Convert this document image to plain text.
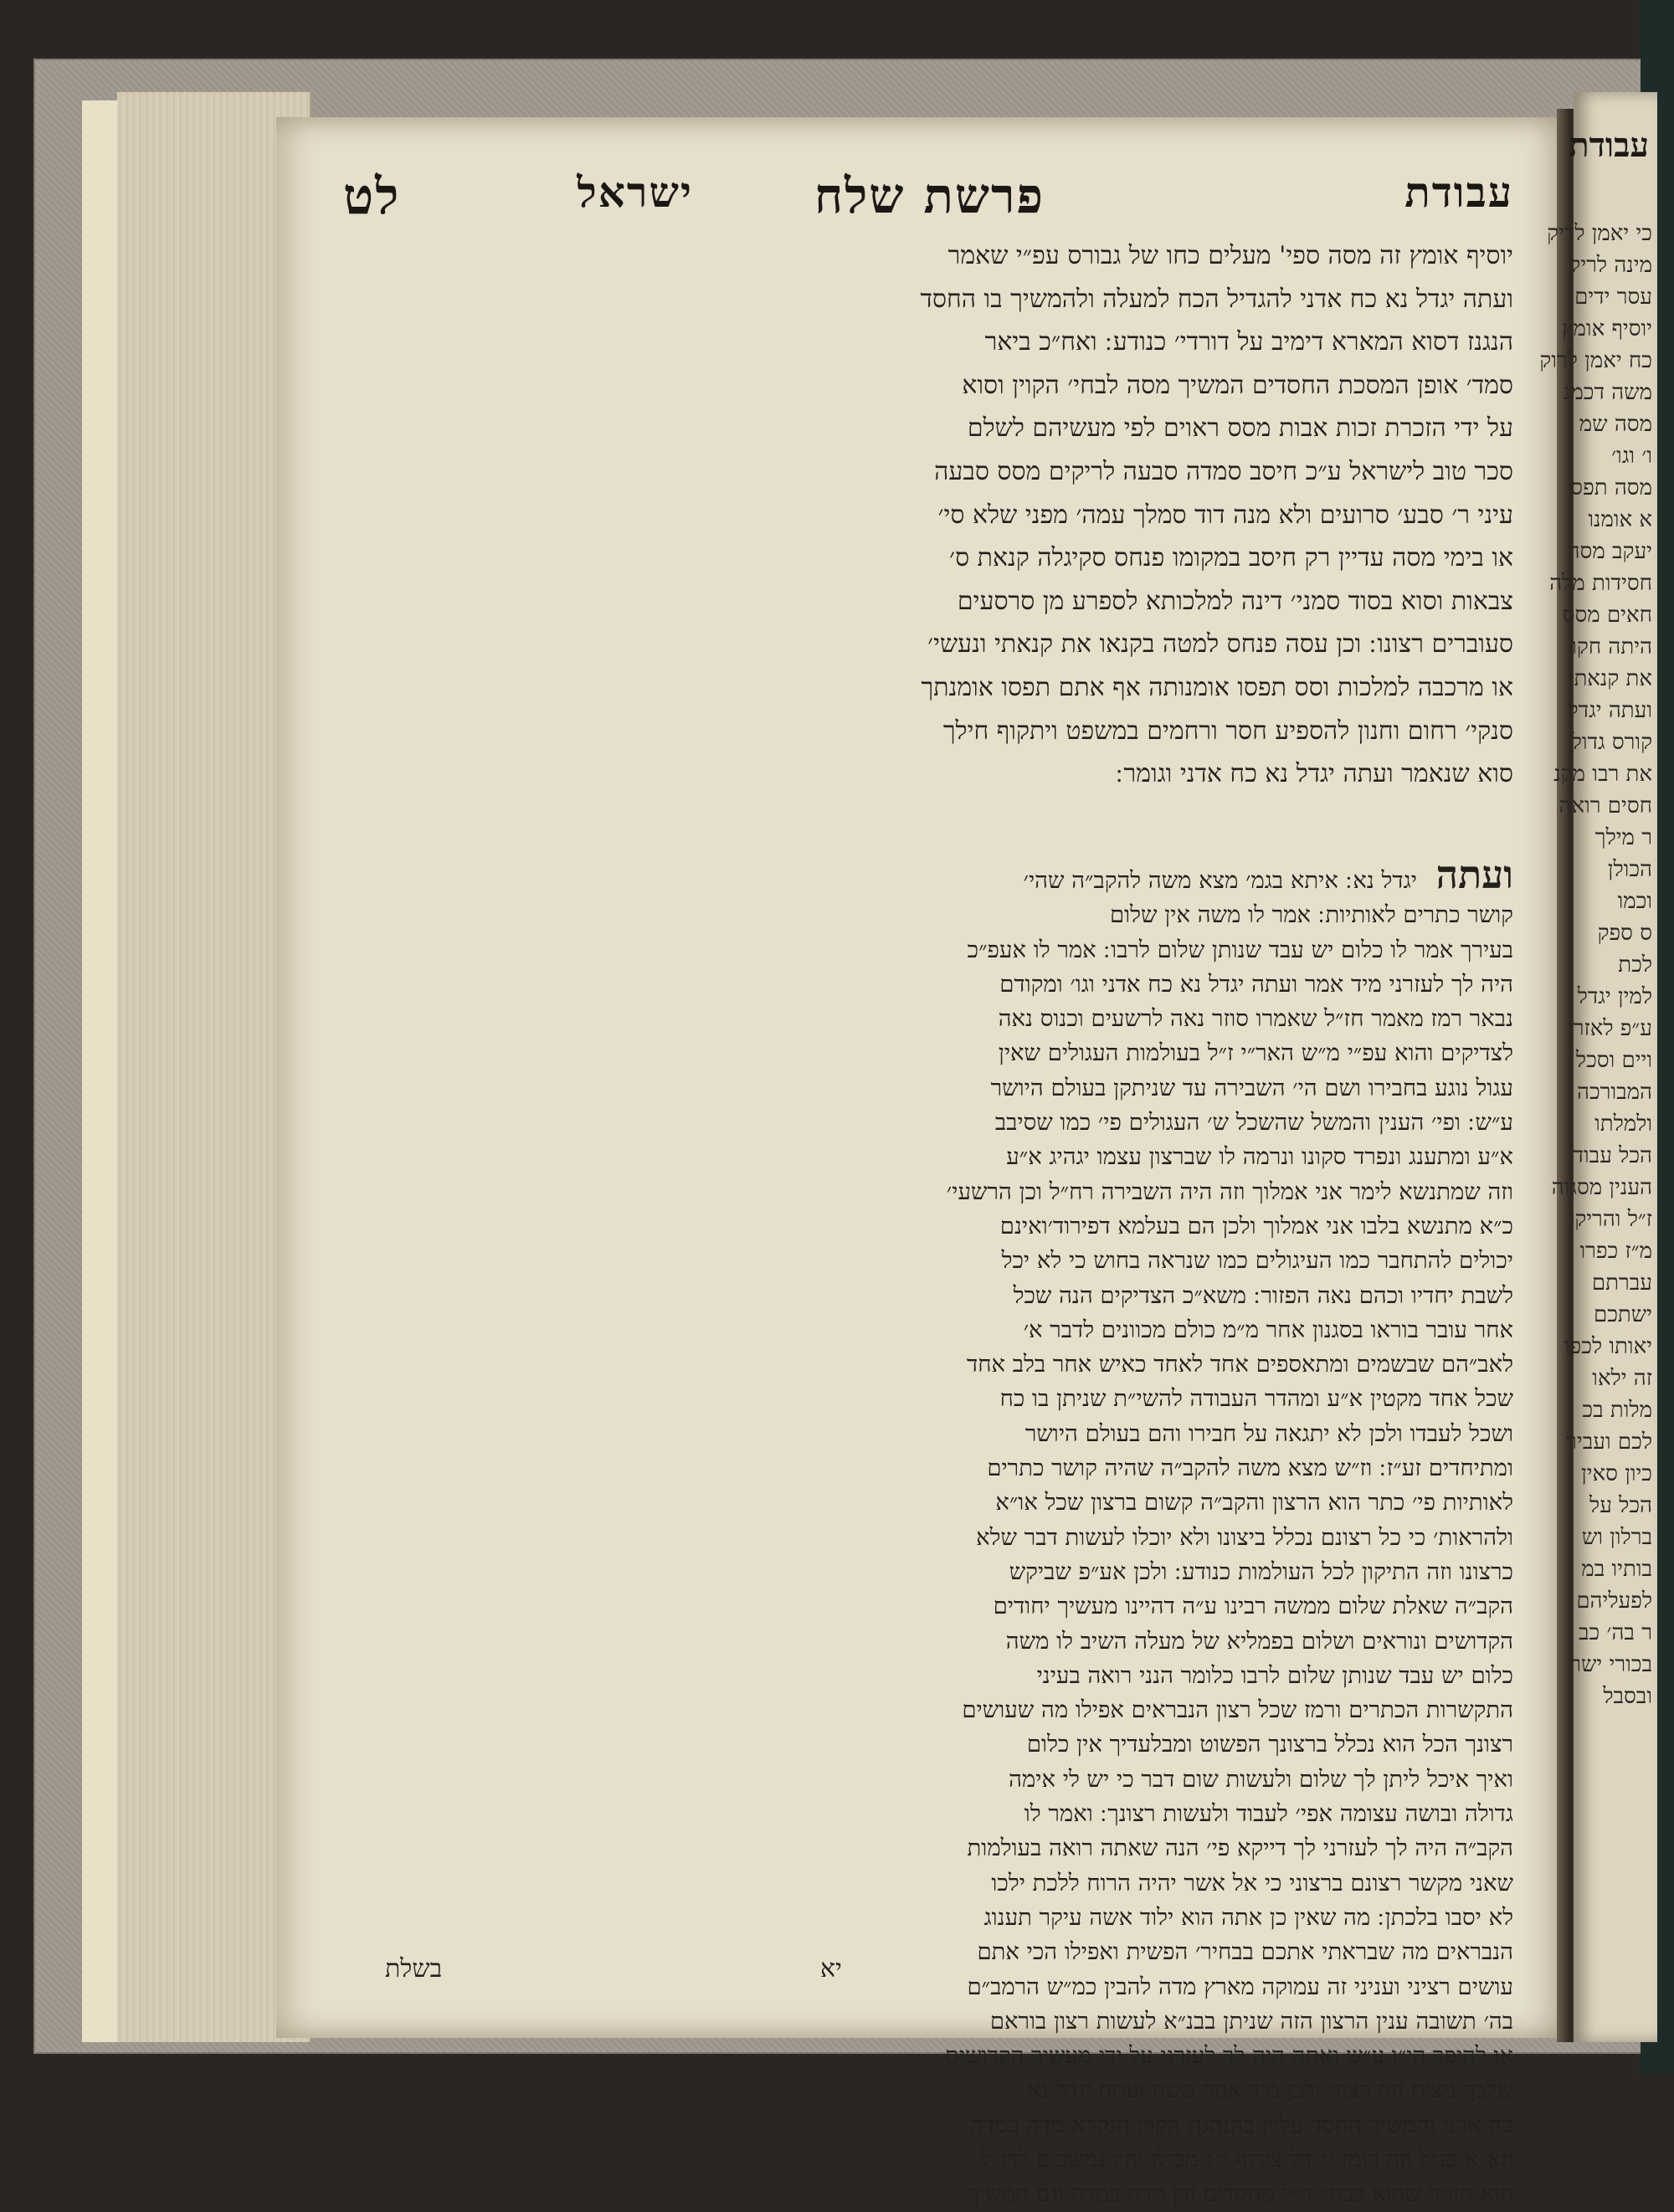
עבודת
פרשת שלח
ישראל
לט
יוסיף אומץ זה מסה ספי' מעלים כחו של גבורס עפ״י שאמר
ועתה יגדל נא כח אדני להגדיל הכח למעלה ולהמשיך בו החסד
הנגנז דסוא המארא דימיב על דורדי׳ כנודע ׃ ואח״כ ביאר
סמד׳ אופן המסכת החסדים המשיך מסה לבחי׳ הקוין וסוא
על ידי הזכרת זכות אבות מסס ראוים לפי מעשיהם לשלם
סכר טוב לישראל ע״כ חיסב סמדה סבעה לריקים מסס סבעה
עיני ר׳ סבע׳ סרועים ולא מנה דוד סמלך עמה׳ מפני שלא סי׳
או בימי מסה עדיין רק חיסב במקומו פנחס סקיגלה קנאת ס׳
צבאות וסוא בסוד סמני׳ דינה למלכותא לספרע מן סרסעים
סעוברים רצונו ׃ וכן עסה פנחס למטה בקנאו את קנאתי ונעשי׳
או מרכבה למלכות וסס תפסו אומנותה אף אתם תפסו אומנתך
סנקי׳ רחום וחנון להספיע חסר ורחמים במשפט ויתקוף חילך
סוא שנאמר ועתה יגדל נא כח אדני וגומר ׃
ועתה יגדל נא ׃ איתא בגמ׳ מצא משה להקב״ה שהי׳
קושר כתרים לאותיות ׃ אמר לו משה אין שלום
בעירך אמר לו כלום יש עבד שנותן שלום לרבו ׃ אמר לו אעפ״כ
היה לך לעזרני מיד אמר ועתה יגדל נא כח אדני וגו׳ ומקודם
נבאר רמז מאמר חז״ל שאמרו סוזר נאה לרשעים וכנוס נאה
לצדיקים והוא עפ״י מ״ש האר״י ז״ל בעולמות העגולים שאין
עגול נוגע בחבירו ושם הי׳ השבירה עד שניתקן בעולם היושר
ע״ש ׃ ופי׳ הענין והמשל שהשכל ש׳ העגולים פי׳ כמו שסיבב
א״ע ומתענג ונפרד סקונו ונרמה לו שברצון עצמו יגהיג א״ע
וזה שמתנשא לימר אני אמלוך וזה היה השבירה רח״ל וכן הרשעי׳
כ״א מתנשא בלבו אני אמלוך ולכן הם בעלמא דפירוד׳ואינם
יכולים להתחבר כמו העיגולים כמו שנראה בחוש כי לא יכל
לשבת יחדיו וכהם נאה הפזור ׃ משא״כ הצדיקים הנה שכל
אחר עובר בוראו בסגנון אחר מ״מ כולם מכוונים לדבר א׳
לאב״הם שבשמים ומתאספים אחד לאחד כאיש אחר בלב אחד
שכל אחד מקטין א״ע ומהדר העבודה להשי״ת שניתן בו כח
ושכל לעבדו ולכן לא יתגאה על חבירו והם בעולם היושר
ומתיחדים זע״ז ׃ וז״ש מצא משה להקב״ה שהיה קושר כתרים
לאותיות פי׳ כתר הוא הרצון והקב״ה קשום ברצון שכל או״א
ולהראות׳ כי כל רצונם נכלל ביצונו ולא יוכלו לעשות דבר שלא
כרצונו וזה התיקון לכל העולמות כנודע ׃ ולכן אע״פ שביקש
הקב״ה שאלת שלום ממשה רבינו ע״ה דהיינו מעשיך יחודים
הקדושים ונוראים ושלום בפמליא של מעלה השיב לו משה
כלום יש עבד שנותן שלום לרבו כלומר הנני רואה בעיני
התקשרות הכתרים ורמז שכל רצון הנבראים אפילו מה שעושים
רצונך הכל הוא נכלל ברצונך הפשוט ומבלעדיך אין כלום
ואיך איכל ליתן לך שלום ולעשות שום דבר כי יש לי אימה
גדולה ובושה עצומה אפי׳ לעבוד ולעשות רצונך ׃ ואמר לו
הקב״ה היה לך לעזרני לך דייקא פי׳ הנה שאתה רואה בעולמות
שאני מקשר רצונם ברצוני כי אל אשר יהיה הרוח ללכת ילכו
לא יסבו בלכתן ׃ מה שאין כן אתה הוא ילוד אשה עיקר תענוג
הנבראים מה שבראתי אתכם בבחיר׳ הפשית ואפילו הכי אתם
עושים רציני ועניני זה עמוקה מארץ מדה להבין כמ״ש הרמב״ם
בה׳ תשובה ענין הרצון הזה שניתן בבנ״א לעשות רצון בוראם
או להיפך הי״ו ע״ש ואתה היה לך לעזרני על ידי מעשיך הקדושים
שלבך ניצית וזה רצוני ולכן מיד אמר משה ועתה יגדל נא
כח אדני והמשיך החסד עליון בהנהגת הקוין הנקרא מדה במדה
וזא״א כנ״ל וזה רומז יג״דל צירוף י״ג מכילן יהיו נמשכים לרז״ל
הוא הזגיר שהוא בכח״ ד״ל מחסדים ודן מדה במדה וגם המשיך
יא
בשלת
עבודת
כי יאמן לדיק
מינה לריק
עסר ידים
יוסיף אומץ
כח יאמן לרוק
משה דכמנ
מסה שמ
ו׳ וגו׳
מסה תפס
א אומנו
יעקב מסה
חסידות מלה
חאים מסס
היתה חקו
את קנאתי
ועתה יגדל
קורס גדול
את רבו מקנ
חסים רואה
ר מילך
הכולן
וכמו
ס ספק
לכת
למין יגדל
ע״פ לאזרן
ויים וסכל
המבורכה
ולמלתו
הכל עבוד
הענין מסגוה
ז״ל והריקו
מ״ז כפרו
עברתם
ישתכם
יאותו לכפו
זה ילאו
מלות בכ
לכם ועביר
כיון סאין
הכל על
ברלון וש
בותיו במ
לפעליהם
ר בה׳ כב
בכורי ישר
ובסבל
